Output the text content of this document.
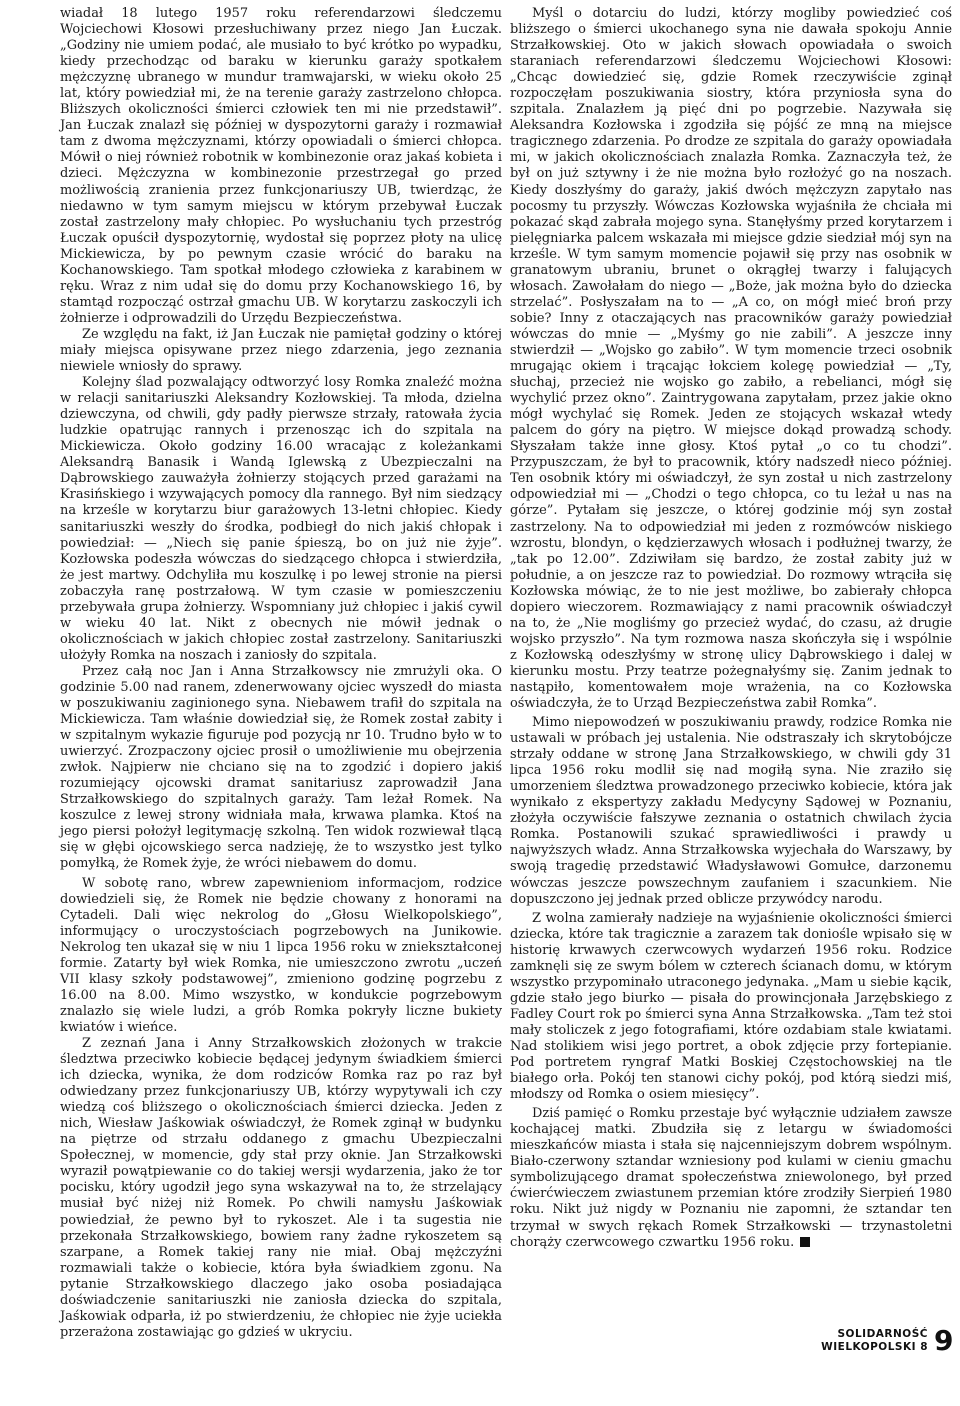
wiadał 18 lutego 1957 roku referendarzowi śledczemu Wojciechowi Kłosowi przesłuchiwany przez niego Jan Łuczak. „Godziny nie umiem podać, ale musiało to być krótko po wypadku, kiedy przechodząc od baraku w kierunku garaży spotkałem mężczyznę ubranego w mundur tramwajarski, w wieku około 25 lat, który powiedział mi, że na terenie garaży zastrzelono chłopca. Bliższych okoliczności śmierci człowiek ten mi nie przedstawił”. Jan Łuczak znalazł się później w dyspozytorni garaży i rozmawiał tam z dwoma mężczyznami, którzy opowiadali o śmierci chłopca. Mówił o niej również robotnik w kombinezonie oraz jakaś kobieta i dzieci. Mężczyzna w kombinezonie przestrzegał go przed możliwością zranienia przez funkcjonariuszy UB, twierdząc, że niedawno w tym samym miejscu w którym przebywał Łuczak został zastrzelony mały chłopiec. Po wysłuchaniu tych przestróg Łuczak opuścił dyspozytornię, wydostał się poprzez płoty na ulicę Mickiewicza, by po pewnym czasie wrócić do baraku na Kochanowskiego. Tam spotkał młodego człowieka z karabinem w ręku. Wraz z nim udał się do domu przy Kochanowskiego 16, by stamtąd rozpocząć ostrzał gmachu UB. W korytarzu zaskoczyli ich żołnierze i odprowadzili do Urzędu Bezpieczeństwa.

Ze względu na fakt, iż Jan Łuczak nie pamiętał godziny o której miały miejsca opisywane przez niego zdarzenia, jego zeznania niewiele wniosły do sprawy.

Kolejny ślad pozwalający odtworzyć losy Romka znaleźć można w relacji sanitariuszki Aleksandry Kozłowskiej. Ta młoda, dzielna dziewczyna, od chwili, gdy padły pierwsze strzały, ratowała życia ludzkie opatrując rannych i przenosząc ich do szpitala na Mickiewicza. Około godziny 16.00 wracając z koleżankami Aleksandrą Banasik i Wandą Iglewską z Ubezpieczalni na Dąbrowskiego zauważyła żołnierzy stojących przed garażami na Krasińskiego i wzywających pomocy dla rannego. Był nim siedzący na krześle w korytarzu biur garażowych 13-letni chłopiec. Kiedy sanitariuszki weszły do środka, podbiegł do nich jakiś chłopak i powiedział: — „Niech się panie śpieszą, bo on już nie żyje”. Kozłowska podeszła wówczas do siedzącego chłopca i stwierdziła, że jest martwy. Odchyliła mu koszulkę i po lewej stronie na piersi zobaczyła ranę postrzałową. W tym czasie w pomieszczeniu przebywała grupa żołnierzy. Wspomniany już chłopiec i jakiś cywil w wieku 40 lat. Nikt z obecnych nie mówił jednak o okolicznościach w jakich chłopiec został zastrzelony. Sanitariuszki ułożyły Romka na noszach i zaniosły do szpitala.

Przez całą noc Jan i Anna Strzałkowscy nie zmrużyli oka. O godzinie 5.00 nad ranem, zdenerwowany ojciec wyszedł do miasta w poszukiwaniu zaginionego syna. Niebawem trafił do szpitala na Mickiewicza. Tam właśnie dowiedział się, że Romek został zabity i w szpitalnym wykazie figuruje pod pozycją nr 10. Trudno było w to uwierzyć. Zrozpaczony ojciec prosił o umożliwienie mu obejrzenia zwłok. Najpierw nie chciano się na to zgodzić i dopiero jakiś rozumiejący ojcowski dramat sanitariusz zaprowadził Jana Strzałkowskiego do szpitalnych garaży. Tam leżał Romek. Na koszulce z lewej strony widniała mała, krwawa plamka. Ktoś na jego piersi położył legitymację szkolną. Ten widok rozwiewał tlącą się w głębi ojcowskiego serca nadzieję, że to wszystko jest tylko pomyłką, że Romek żyje, że wróci niebawem do domu.

W sobotę rano, wbrew zapewnieniom informacjom, rodzice dowiedzieli się, że Romek nie będzie chowany z honorami na Cytadeli. Dali więc nekrolog do „Głosu Wielkopolskiego”, informujący o uroczystościach pogrzebowych na Junikowie. Nekrolog ten ukazał się w niu 1 lipca 1956 roku w zniekształconej formie. Zatarty był wiek Romka, nie umieszczono zwrotu „uczeń VII klasy szkoły podstawowej”, zmieniono godzinę pogrzebu z 16.00 na 8.00. Mimo wszystko, w kondukcie pogrzebowym znalazło się wiele ludzi, a grób Romka pokryły liczne bukiety kwiatów i wieńce.

Z zeznań Jana i Anny Strzałkowskich złożonych w trakcie śledztwa przeciwko kobiecie będącej jedynym świadkiem śmierci ich dziecka, wynika, że dom rodziców Romka raz po raz był odwiedzany przez funkcjonariuszy UB, którzy wypytywali ich czy wiedzą coś bliższego o okolicznościach śmierci dziecka. Jeden z nich, Wiesław Jaśkowiak oświadczył, że Romek zginął w budynku na piętrze od strzału oddanego z gmachu Ubezpieczalni Społecznej, w momencie, gdy stał przy oknie. Jan Strzałkowski wyraził powątpiewanie co do takiej wersji wydarzenia, jako że tor pocisku, który ugodził jego syna wskazywał na to, że strzelający musiał być niżej niż Romek. Po chwili namysłu Jaśkowiak powiedział, że pewno był to rykoszet. Ale i ta sugestia nie przekonała Strzałkowskiego, bowiem rany żadne rykoszetem są szarpane, a Romek takiej rany nie miał. Obaj mężczyźni rozmawiali także o kobiecie, która była świadkiem zgonu. Na pytanie Strzałkowskiego dlaczego jako osoba posiadająca doświadczenie sanitariuszki nie zaniosła dziecka do szpitala, Jaśkowiak odparła, iż po stwierdzeniu, że chłopiec nie żyje uciekła przerażona zostawiając go gdzieś w ukryciu.

Myśl o dotarciu do ludzi, którzy mogliby powiedzieć coś bliższego o śmierci ukochanego syna nie dawała spokoju Annie Strzałkowskiej. Oto w jakich słowach opowiadała o swoich staraniach referendarzowi śledczemu Wojciechowi Kłosowi: „Chcąc dowiedzieć się, gdzie Romek rzeczywiście zginął rozpoczęłam poszukiwania siostry, która przyniosła syna do szpitala. Znalazłem ją pięć dni po pogrzebie. Nazywała się Aleksandra Kozłowska i zgodziła się pójść ze mną na miejsce tragicznego zdarzenia. Po drodze ze szpitala do garaży opowiadała mi, w jakich okolicznościach znalazła Romka. Zaznaczyła też, że był on już sztywny i że nie można było rozłożyć go na noszach. Kiedy doszłyśmy do garaży, jakiś dwóch mężczyzn zapytało nas pocosmy tu przyszły. Wówczas Kozłowska wyjaśniła że chciała mi pokazać skąd zabrała mojego syna. Stanęłyśmy przed korytarzem i pielęgniarka palcem wskazała mi miejsce gdzie siedział mój syn na krześle. W tym samym momencie pojawił się przy nas osobnik w granatowym ubraniu, brunet o okrągłej twarzy i falujących włosach. Zawołałam do niego — „Boże, jak można było do dziecka strzelać”. Posłyszałam na to — „A co, on mógł mieć broń przy sobie? Inny z otaczających nas pracowników garaży powiedział wówczas do mnie — „Myśmy go nie zabili”. A jeszcze inny stwierdził — „Wojsko go zabiło”. W tym momencie trzeci osobnik mrugając okiem i trącając łokciem kolegę powiedział — „Ty, słuchaj, przecież nie wojsko go zabiło, a rebelianci, mógł się wychylić przez okno”. Zaintrygowana zapytałam, przez jakie okno mógł wychylać się Romek. Jeden ze stojących wskazał wtedy palcem do góry na piętro. W miejsce dokąd prowadzą schody. Słyszałam także inne głosy. Ktoś pytał „o co tu chodzi”. Przypuszczam, że był to pracownik, który nadszedł nieco później. Ten osobnik który mi oświadczył, że syn został u nich zastrzelony odpowiedział mi — „Chodzi o tego chłopca, co tu leżał u nas na górze”. Pytałam się jeszcze, o której godzinie mój syn został zastrzelony. Na to odpowiedział mi jeden z rozmówców niskiego wzrostu, blondyn, o kędzierzawych włosach i podłużnej twarzy, że „tak po 12.00”. Zdziwiłam się bardzo, że został zabity już w południe, a on jeszcze raz to powiedział. Do rozmowy wtrąciła się Kozłowska mówiąc, że to nie jest możliwe, bo zabierały chłopca dopiero wieczorem. Rozmawiający z nami pracownik oświadczył na to, że „Nie mogliśmy go przecież wydać, do czasu, aż drugie wojsko przyszło”. Na tym rozmowa nasza skończyła się i wspólnie z Kozłowską odeszłyśmy w stronę ulicy Dąbrowskiego i dalej w kierunku mostu. Przy teatrze pożegnałyśmy się. Zanim jednak to nastąpiło, komentowałem moje wrażenia, na co Kozłowska oświadczyła, że to Urząd Bezpieczeństwa zabił Romka”.

Mimo niepowodzeń w poszukiwaniu prawdy, rodzice Romka nie ustawali w próbach jej ustalenia. Nie odstraszały ich skrytobójcze strzały oddane w stronę Jana Strzałkowskiego, w chwili gdy 31 lipca 1956 roku modlił się nad mogiłą syna. Nie zraziło się umorzeniem śledztwa prowadzonego przeciwko kobiecie, która jak wynikało z ekspertyzy zakładu Medycyny Sądowej w Poznaniu, złożyła oczywiście fałszywe zeznania o ostatnich chwilach życia Romka. Postanowili szukać sprawiedliwości i prawdy u najwyższych władz. Anna Strzałkowska wyjechała do Warszawy, by swoją tragedię przedstawić Władysławowi Gomułce, darzonemu wówczas jeszcze powszechnym zaufaniem i szacunkiem. Nie dopuszczono jej jednak przed oblicze przywódcy narodu.

Z wolna zamierały nadzieje na wyjaśnienie okoliczności śmierci dziecka, które tak tragicznie a zarazem tak doniośle wpisało się w historię krwawych czerwcowych wydarzeń 1956 roku. Rodzice zamknęli się ze swym bólem w czterech ścianach domu, w którym wszystko przypominało utraconego jedynaka. „Mam u siebie kącik, gdzie stało jego biurko — pisała do prowincjonała Jarzębskiego z Fadley Court rok po śmierci syna Anna Strzałkowska. „Tam też stoi mały stoliczek z jego fotografiami, które ozdabiam stale kwiatami. Nad stolikiem wisi jego portret, a obok zdjęcie przy fortepianie. Pod portretem ryngraf Matki Boskiej Częstochowskiej na tle białego orła. Pokój ten stanowi cichy pokój, pod którą siedzi miś, młodszy od Romka o osiem miesięcy”.

Dziś pamięć o Romku przestaje być wyłącznie udziałem zawsze kochającej matki. Zbudziła się z letargu w świadomości mieszkańców miasta i stała się najcenniejszym dobrem wspólnym. Biało-czerwony sztandar wzniesiony pod kulami w cieniu gmachu symbolizującego dramat społeczeństwa zniewolonego, był przed ćwierćwieczem zwiastunem przemian które zrodziły Sierpień 1980 roku. Nikt już nigdy w Poznaniu nie zapomni, że sztandar ten trzymał w swych rękach Romek Strzałkowski — trzynastoletni chorąży czerwcowego czwartku 1956 roku.

SOLIDARNOŚĆ
WIELKOPOLSKI 8 9
